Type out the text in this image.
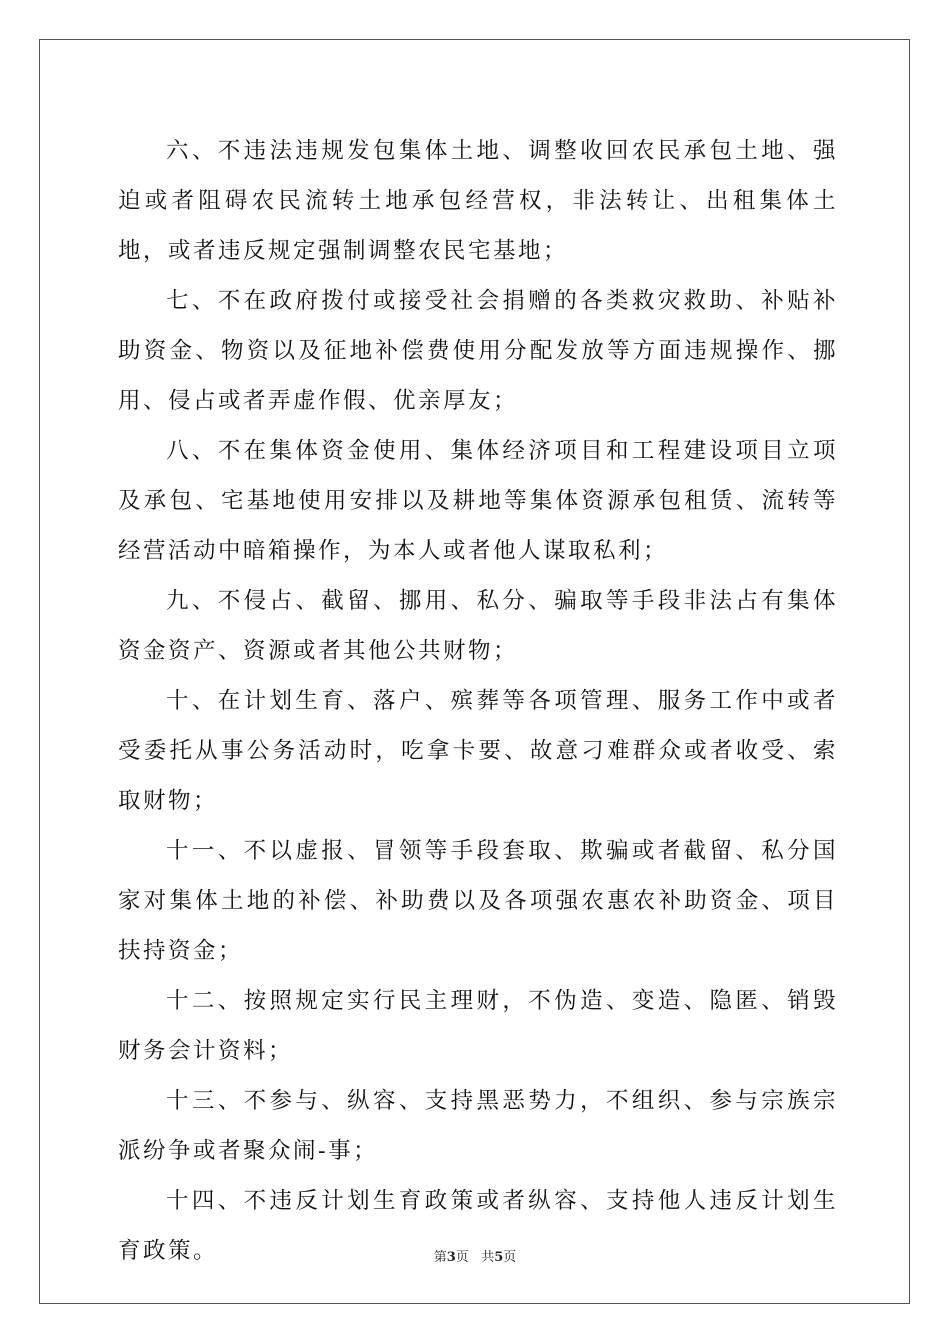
六、不违法违规发包集体土地、调整收回农民承包土地、强迫或者阻碍农民流转土地承包经营权，非法转让、出租集体土地，或者违反规定强制调整农民宅基地；

七、不在政府拨付或接受社会捐赠的各类救灾救助、补贴补助资金、物资以及征地补偿费使用分配发放等方面违规操作、挪用、侵占或者弄虚作假、优亲厚友；

八、不在集体资金使用、集体经济项目和工程建设项目立项及承包、宅基地使用安排以及耕地等集体资源承包租赁、流转等经营活动中暗箱操作，为本人或者他人谋取私利；

九、不侵占、截留、挪用、私分、骗取等手段非法占有集体资金资产、资源或者其他公共财物；

十、在计划生育、落户、殡葬等各项管理、服务工作中或者受委托从事公务活动时，吃拿卡要、故意刁难群众或者收受、索取财物；

十一、不以虚报、冒领等手段套取、欺骗或者截留、私分国家对集体土地的补偿、补助费以及各项强农惠农补助资金、项目扶持资金；

十二、按照规定实行民主理财，不伪造、变造、隐匿、销毁财务会计资料；

十三、不参与、纵容、支持黑恶势力，不组织、参与宗族宗派纷争或者聚众闹-事；

十四、不违反计划生育政策或者纵容、支持他人违反计划生育政策。	第3页 共5页
